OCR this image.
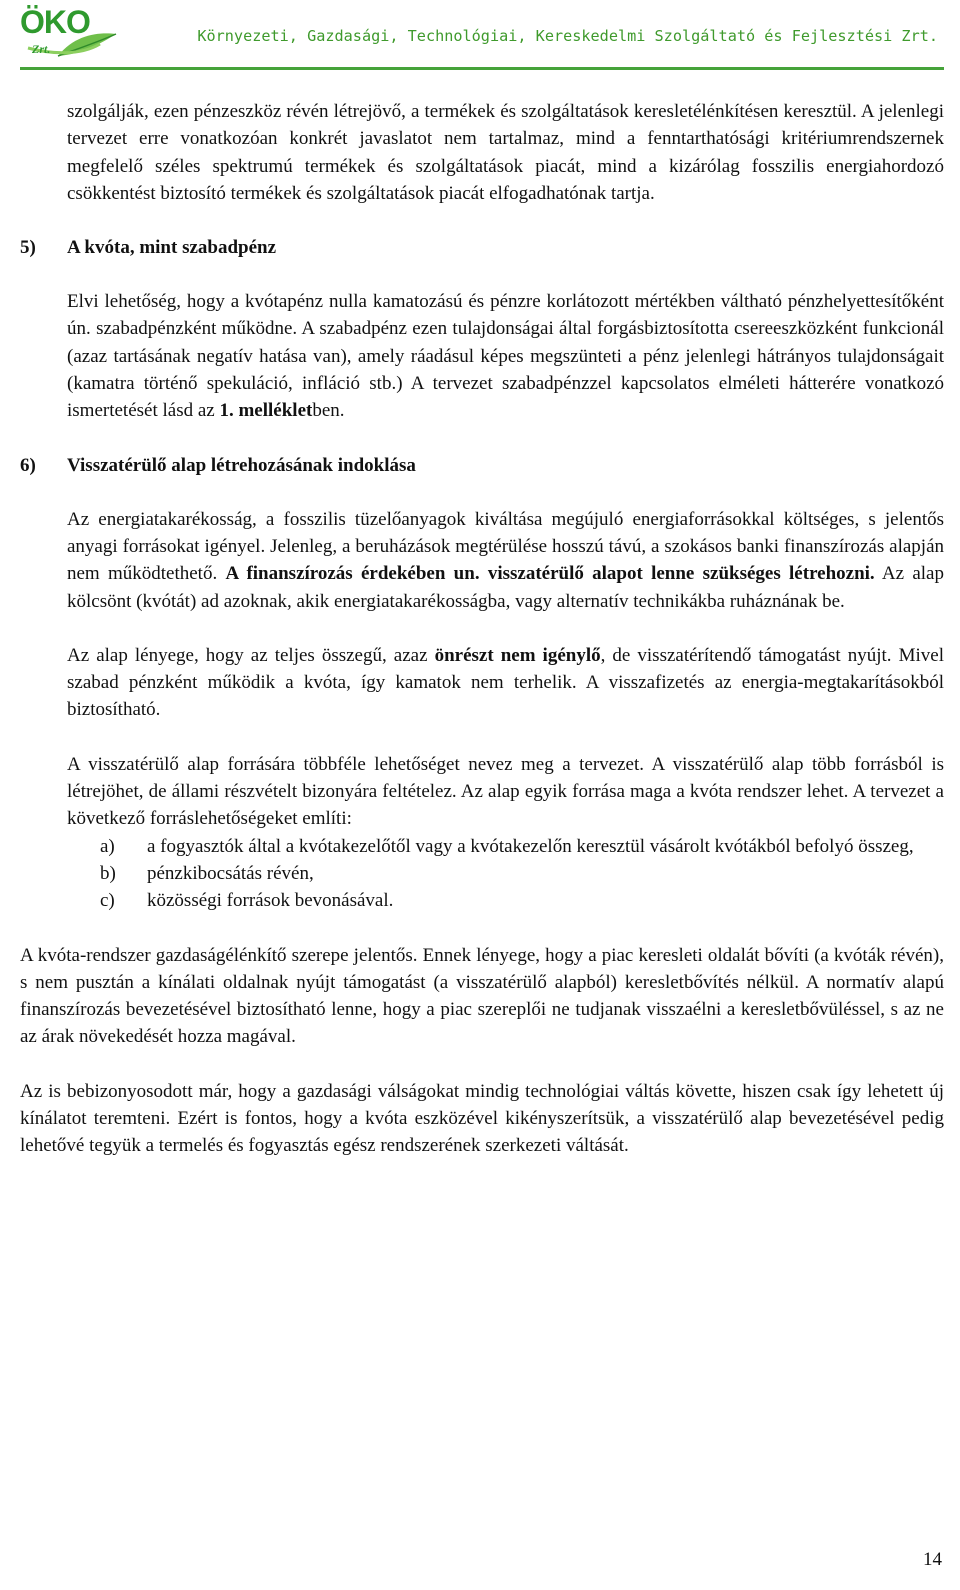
ÖKO
Zrt.
Környezeti, Gazdasági, Technológiai, Kereskedelmi Szolgáltató és Fejlesztési Zrt.

szolgálják, ezen pénzeszköz révén létrejövő, a termékek és szolgáltatások keresletélénkítésen keresztül. A jelenlegi tervezet erre vonatkozóan konkrét javaslatot nem tartalmaz, mind a fenntarthatósági kritériumrendszernek megfelelő széles spektrumú termékek és szolgáltatások piacát, mind a kizárólag fosszilis energiahordozó csökkentést biztosító termékek és szolgáltatások piacát elfogadhatónak tartja.

5)	A kvóta, mint szabadpénz

Elvi lehetőség, hogy a kvótapénz nulla kamatozású és pénzre korlátozott mértékben váltható pénzhelyettesítőként ún. szabadpénzként működne. A szabadpénz ezen tulajdonságai által forgásbiztosította csereeszközként funkcionál (azaz tartásának negatív hatása van), amely ráadásul képes megszünteti a pénz jelenlegi hátrányos tulajdonságait (kamatra történő spekuláció, infláció stb.) A tervezet szabadpénzzel kapcsolatos elméleti hátterére vonatkozó ismertetését lásd az 1. mellékletben.

6)	Visszatérülő alap létrehozásának indoklása

Az energiatakarékosság, a fosszilis tüzelőanyagok kiváltása megújuló energiaforrásokkal költséges, s jelentős anyagi forrásokat igényel. Jelenleg, a beruházások megtérülése hosszú távú, a szokásos banki finanszírozás alapján nem működtethető. A finanszírozás érdekében un. visszatérülő alapot lenne szükséges létrehozni. Az alap kölcsönt (kvótát) ad azoknak, akik energiatakarékosságba, vagy alternatív technikákba ruháznának be.

Az alap lényege, hogy az teljes összegű, azaz önrészt nem igénylő, de visszatérítendő támogatást nyújt. Mivel szabad pénzként működik a kvóta, így kamatok nem terhelik. A visszafizetés az energia-megtakarításokból biztosítható.

A visszatérülő alap forrására többféle lehetőséget nevez meg a tervezet. A visszatérülő alap több forrásból is létrejöhet, de állami részvételt bizonyára feltételez. Az alap egyik forrása maga a kvóta rendszer lehet. A tervezet a következő forráslehetőségeket említi:

a)	a fogyasztók által a kvótakezelőtől vagy a kvótakezelőn keresztül vásárolt kvótákból befolyó összeg,
b)	pénzkibocsátás révén,
c)	közösségi források bevonásával.

A kvóta-rendszer gazdaságélénkítő szerepe jelentős. Ennek lényege, hogy a piac keresleti oldalát bővíti (a kvóták révén), s nem pusztán a kínálati oldalnak nyújt támogatást (a visszatérülő alapból) keresletbővítés nélkül. A normatív alapú finanszírozás bevezetésével biztosítható lenne, hogy a piac szereplői ne tudjanak visszaélni a keresletbővüléssel, s az ne az árak növekedését hozza magával.

Az is bebizonyosodott már, hogy a gazdasági válságokat mindig technológiai váltás követte, hiszen csak így lehetett új kínálatot teremteni. Ezért is fontos, hogy a kvóta eszközével kikényszerítsük, a visszatérülő alap bevezetésével pedig lehetővé tegyük a termelés és fogyasztás egész rendszerének szerkezeti váltását.

14
